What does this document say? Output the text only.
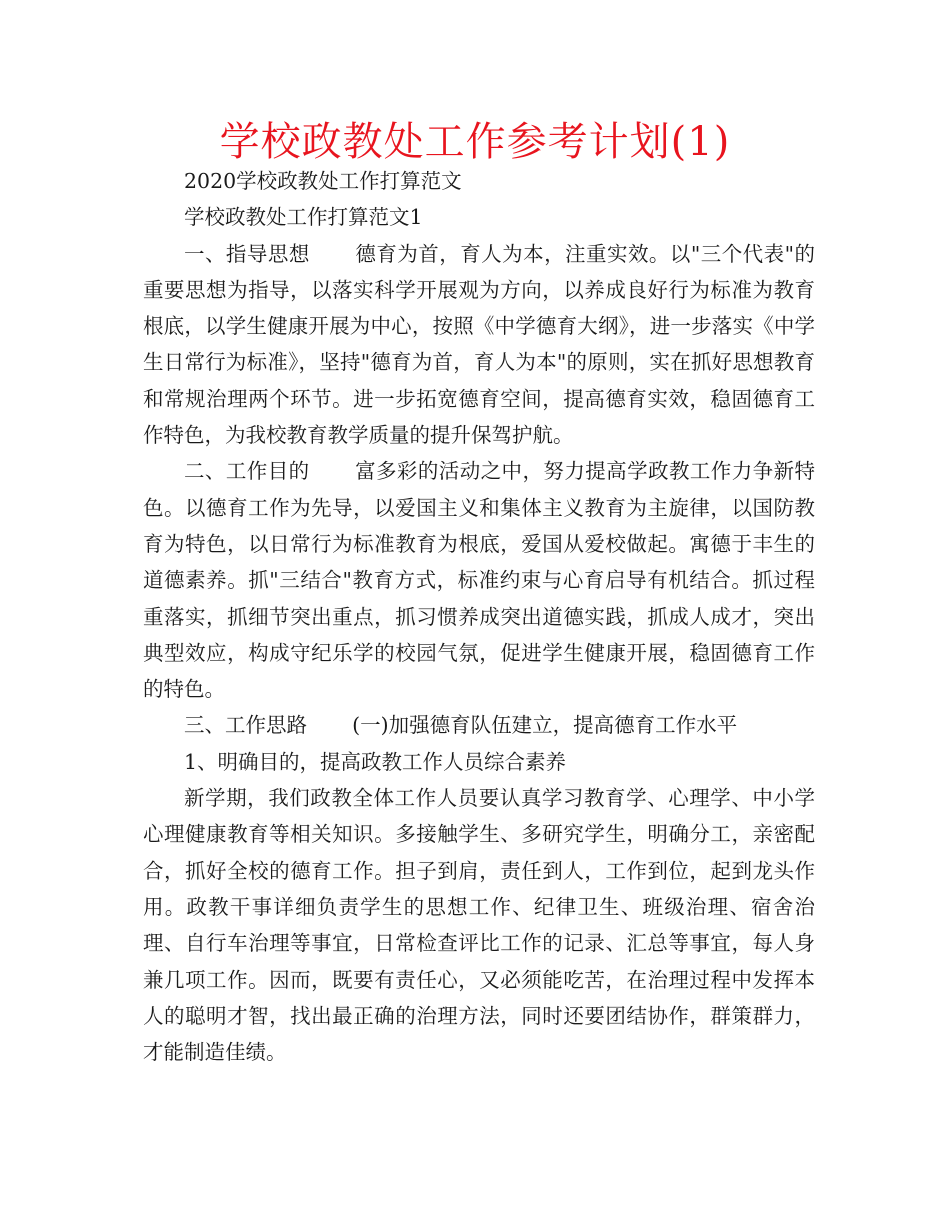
学校政教处工作参考计划(1)

2020学校政教处工作打算范文

学校政教处工作打算范文1

一、指导思想 德育为首，育人为本，注重实效。以"三个代表"的重要思想为指导，以落实科学开展观为方向，以养成良好行为标准为教育根底，以学生健康开展为中心，按照《中学德育大纲》，进一步落实《中学生日常行为标准》，坚持"德育为首，育人为本"的原则，实在抓好思想教育和常规治理两个环节。进一步拓宽德育空间，提高德育实效，稳固德育工作特色，为我校教育教学质量的提升保驾护航。

二、工作目的 富多彩的活动之中，努力提高学政教工作力争新特色。以德育工作为先导，以爱国主义和集体主义教育为主旋律，以国防教育为特色，以日常行为标准教育为根底，爱国从爱校做起。寓德于丰生的道德素养。抓"三结合"教育方式，标准约束与心育启导有机结合。抓过程重落实，抓细节突出重点，抓习惯养成突出道德实践，抓成人成才，突出典型效应，构成守纪乐学的校园气氛，促进学生健康开展，稳固德育工作的特色。

三、工作思路 (一)加强德育队伍建立，提高德育工作水平

1、明确目的，提高政教工作人员综合素养

新学期，我们政教全体工作人员要认真学习教育学、心理学、中小学心理健康教育等相关知识。多接触学生、多研究学生，明确分工，亲密配合，抓好全校的德育工作。担子到肩，责任到人，工作到位，起到龙头作用。政教干事详细负责学生的思想工作、纪律卫生、班级治理、宿舍治理、自行车治理等事宜，日常检查评比工作的记录、汇总等事宜，每人身兼几项工作。因而，既要有责任心，又必须能吃苦，在治理过程中发挥本人的聪明才智，找出最正确的治理方法，同时还要团结协作，群策群力，才能制造佳绩。
